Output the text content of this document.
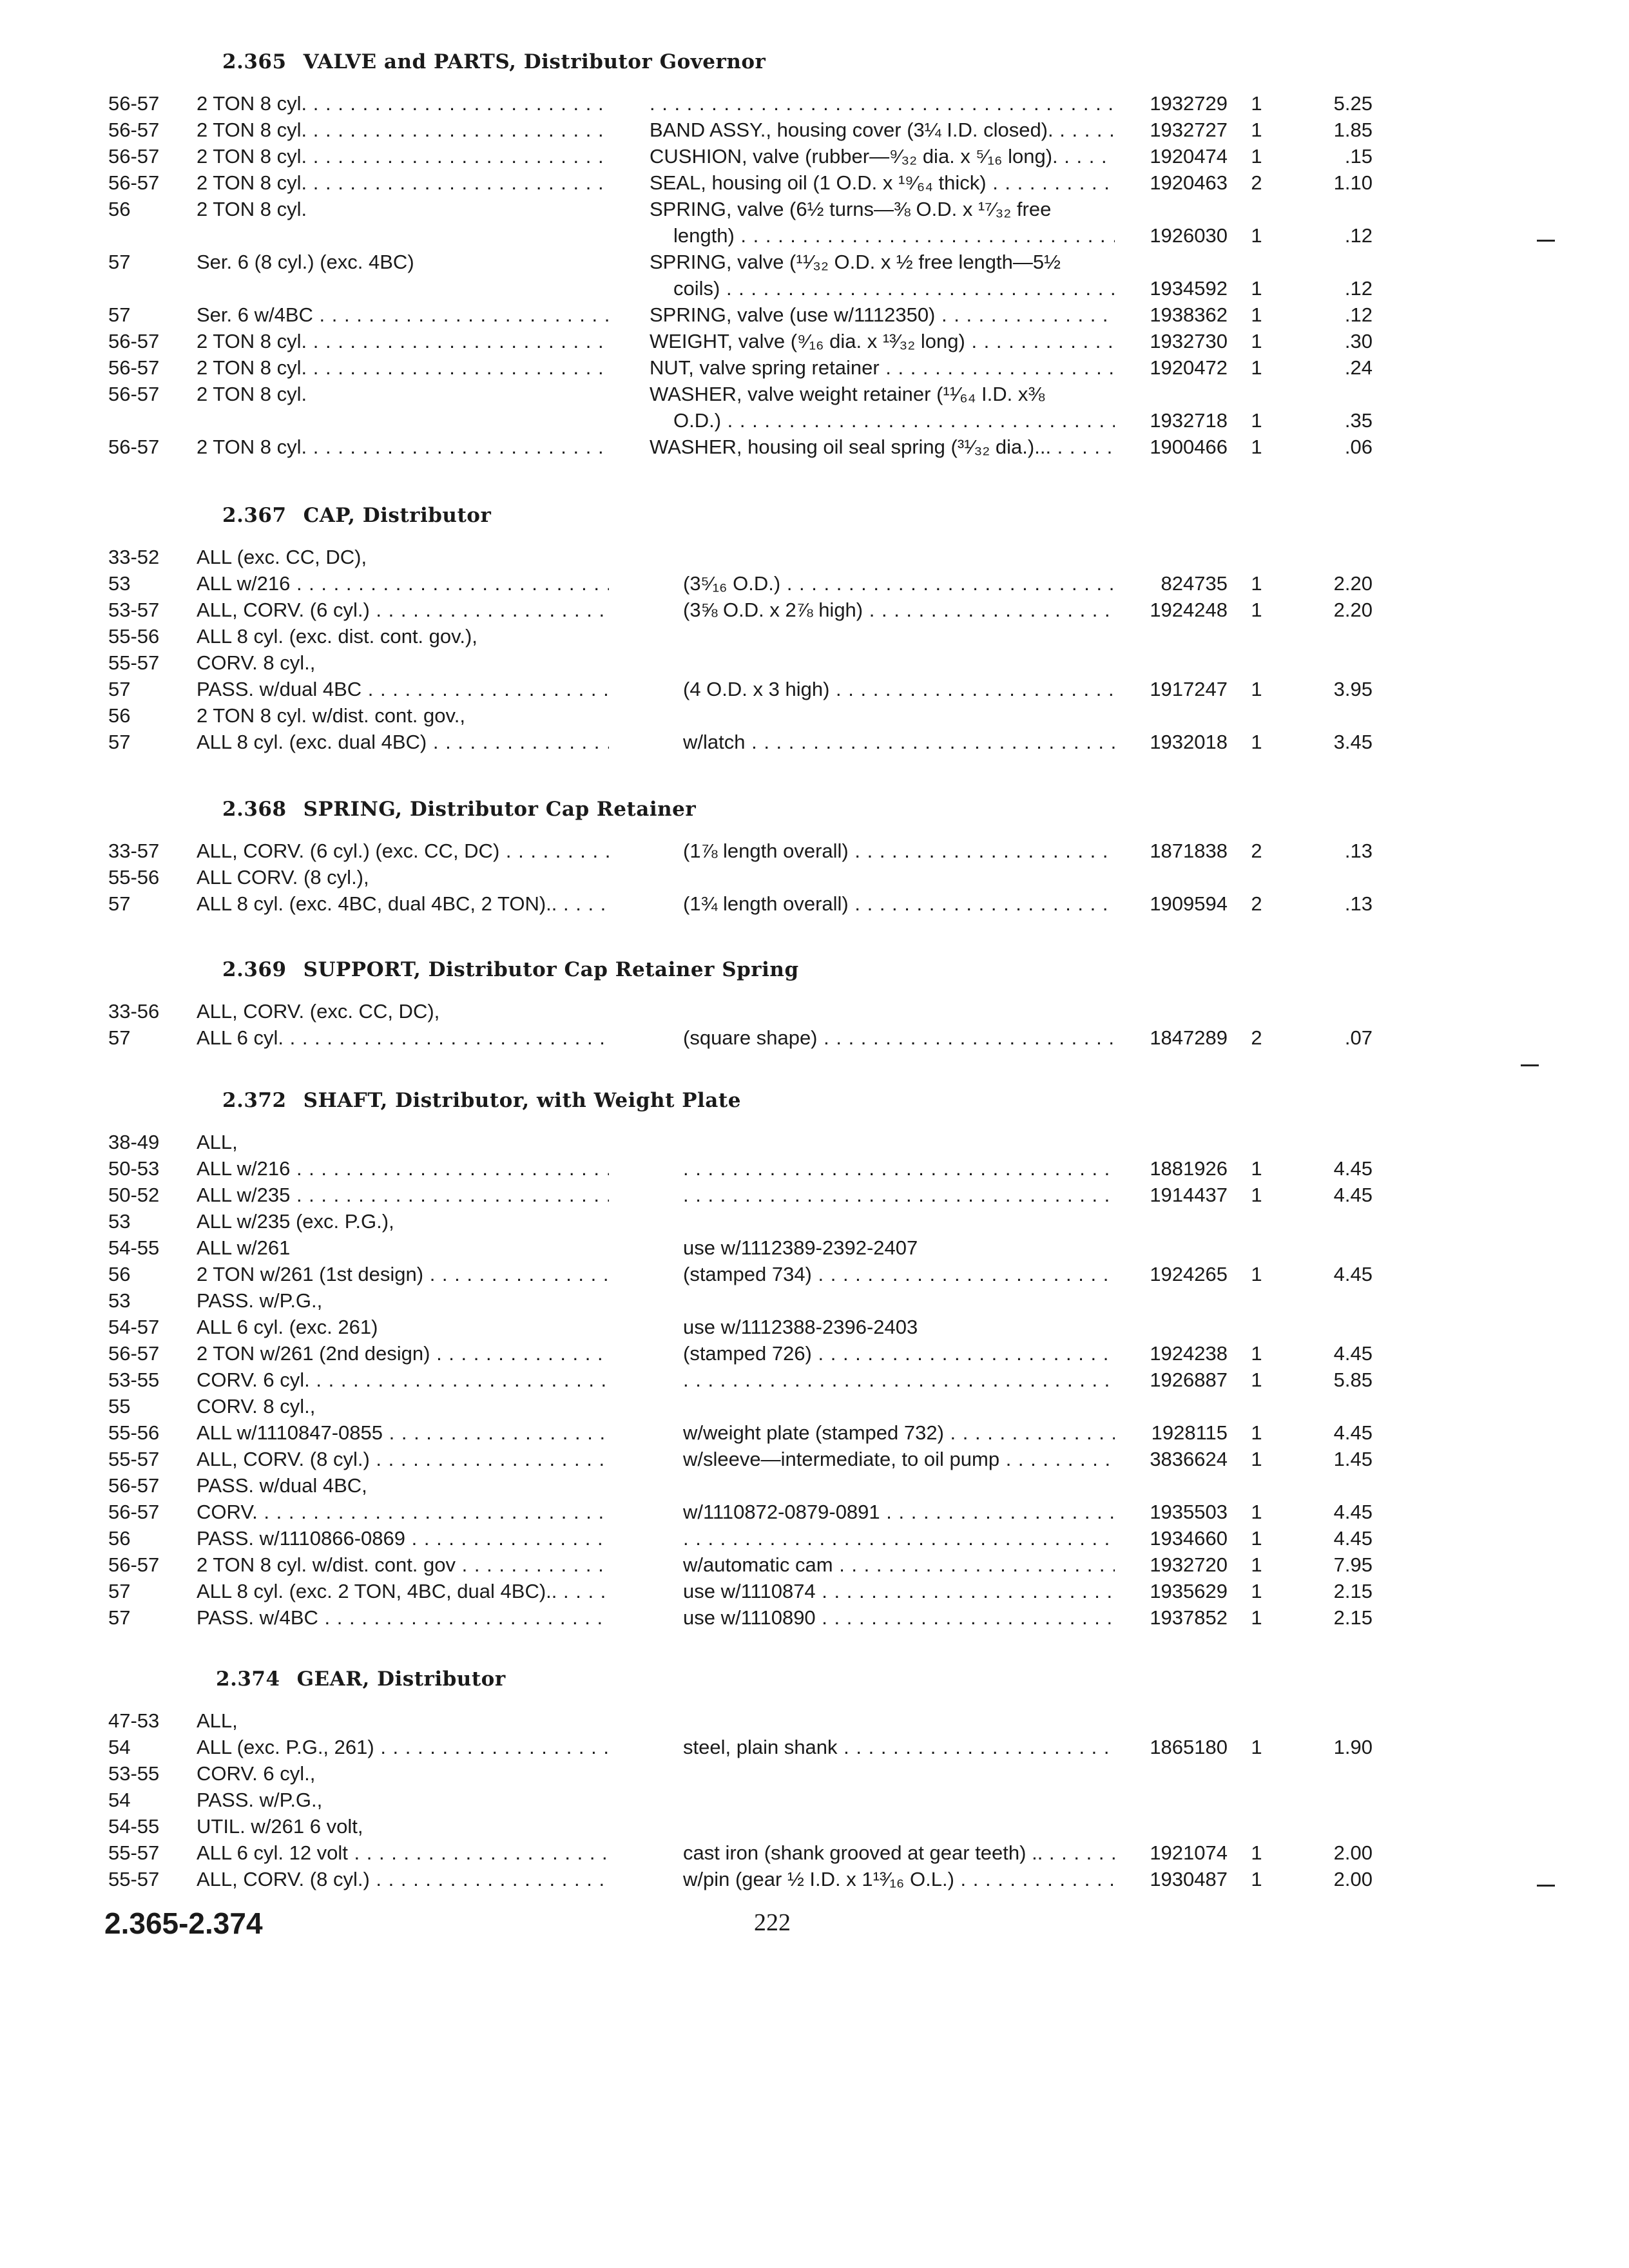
2.365 VALVE and PARTS, Distributor Governor
56-57	2 TON 8 cyl. . . . . . .	1932729	1	5.25
56-57	2 TON 8 cyl. . . .	BAND ASSY., housing cover (3¼ I.D. closed). . . .	1932727	1	1.85
56-57	2 TON 8 cyl. . . .	CUSHION, valve (rubber—⁹⁄₃₂ dia. x ⁵⁄₁₆ long). . . .	1920474	1	.15
56-57	2 TON 8 cyl. . . .	SEAL, housing oil (1 O.D. x ¹⁹⁄₆₄ thick) . . .	1920463	2	1.10
56	2 TON 8 cyl.	SPRING, valve (6½ turns—⅜ O.D. x ¹⁷⁄₃₂ free
length) . . .	1926030	1	.12
57	Ser. 6 (8 cyl.) (exc. 4BC)	SPRING, valve (¹¹⁄₃₂ O.D. x ½ free length—5½
coils) . . .	1934592	1	.12
57	Ser. 6 w/4BC . . .	SPRING, valve (use w/1112350) . . .	1938362	1	.12
56-57	2 TON 8 cyl. . . .	WEIGHT, valve (⁹⁄₁₆ dia. x ¹³⁄₃₂ long) . . .	1932730	1	.30
56-57	2 TON 8 cyl. . . .	NUT, valve spring retainer . . .	1920472	1	.24
56-57	2 TON 8 cyl.	WASHER, valve weight retainer (¹¹⁄₆₄ I.D. x⅜
O.D.) . . .	1932718	1	.35
56-57	2 TON 8 cyl. . . .	WASHER, housing oil seal spring (³¹⁄₃₂ dia.)... . . .	1900466	1	.06
2.367 CAP, Distributor
33-52	ALL (exc. CC, DC),
53	ALL w/216 . . .	(3⁵⁄₁₆ O.D.) . . .	824735	1	2.20
53-57	ALL, CORV. (6 cyl.) . . .	(3⅝ O.D. x 2⅞ high) . . .	1924248	1	2.20
55-56	ALL 8 cyl. (exc. dist. cont. gov.),
55-57	CORV. 8 cyl.,
57	PASS. w/dual 4BC . . .	(4 O.D. x 3 high) . . .	1917247	1	3.95
56	2 TON 8 cyl. w/dist. cont. gov.,
57	ALL 8 cyl. (exc. dual 4BC) . . .	w/latch . . .	1932018	1	3.45
2.368 SPRING, Distributor Cap Retainer
33-57	ALL, CORV. (6 cyl.) (exc. CC, DC) . . .	(1⅞ length overall) . . .	1871838	2	.13
55-56	ALL CORV. (8 cyl.),
57	ALL 8 cyl. (exc. 4BC, dual 4BC, 2 TON).. . . .	(1¾ length overall) . . .	1909594	2	.13
2.369 SUPPORT, Distributor Cap Retainer Spring
33-56	ALL, CORV. (exc. CC, DC),
57	ALL 6 cyl. . . .	(square shape) . . .	1847289	2	.07
2.372 SHAFT, Distributor, with Weight Plate
38-49	ALL,
50-53	ALL w/216 . . . . . .	1881926	1	4.45
50-52	ALL w/235 . . . . . .	1914437	1	4.45
53	ALL w/235 (exc. P.G.),
54-55	ALL w/261	use w/1112389-2392-2407
56	2 TON w/261 (1st design) . . .	(stamped 734) . . .	1924265	1	4.45
53	PASS. w/P.G.,
54-57	ALL 6 cyl. (exc. 261)	use w/1112388-2396-2403
56-57	2 TON w/261 (2nd design) . . .	(stamped 726) . . .	1924238	1	4.45
53-55	CORV. 6 cyl. . . . . . .	1926887	1	5.85
55	CORV. 8 cyl.,
55-56	ALL w/1110847-0855 . . .	w/weight plate (stamped 732) . . .	1928115	1	4.45
55-57	ALL, CORV. (8 cyl.) . . .	w/sleeve—intermediate, to oil pump . . .	3836624	1	1.45
56-57	PASS. w/dual 4BC,
56-57	CORV. . . .	w/1110872-0879-0891 . . .	1935503	1	4.45
56	PASS. w/1110866-0869 . . . . . .	1934660	1	4.45
56-57	2 TON 8 cyl. w/dist. cont. gov . . .	w/automatic cam . . .	1932720	1	7.95
57	ALL 8 cyl. (exc. 2 TON, 4BC, dual 4BC).. . . .	use w/1110874 . . .	1935629	1	2.15
57	PASS. w/4BC . . .	use w/1110890 . . .	1937852	1	2.15
2.374 GEAR, Distributor
47-53	ALL,
54	ALL (exc. P.G., 261) . . .	steel, plain shank . . .	1865180	1	1.90
53-55	CORV. 6 cyl.,
54	PASS. w/P.G.,
54-55	UTIL. w/261 6 volt,
55-57	ALL 6 cyl. 12 volt . . .	cast iron (shank grooved at gear teeth) .. . . .	1921074	1	2.00
55-57	ALL, CORV. (8 cyl.) . . .	w/pin (gear ½ I.D. x 1¹³⁄₁₆ O.L.) . . .	1930487	1	2.00
2.365-2.374	222
